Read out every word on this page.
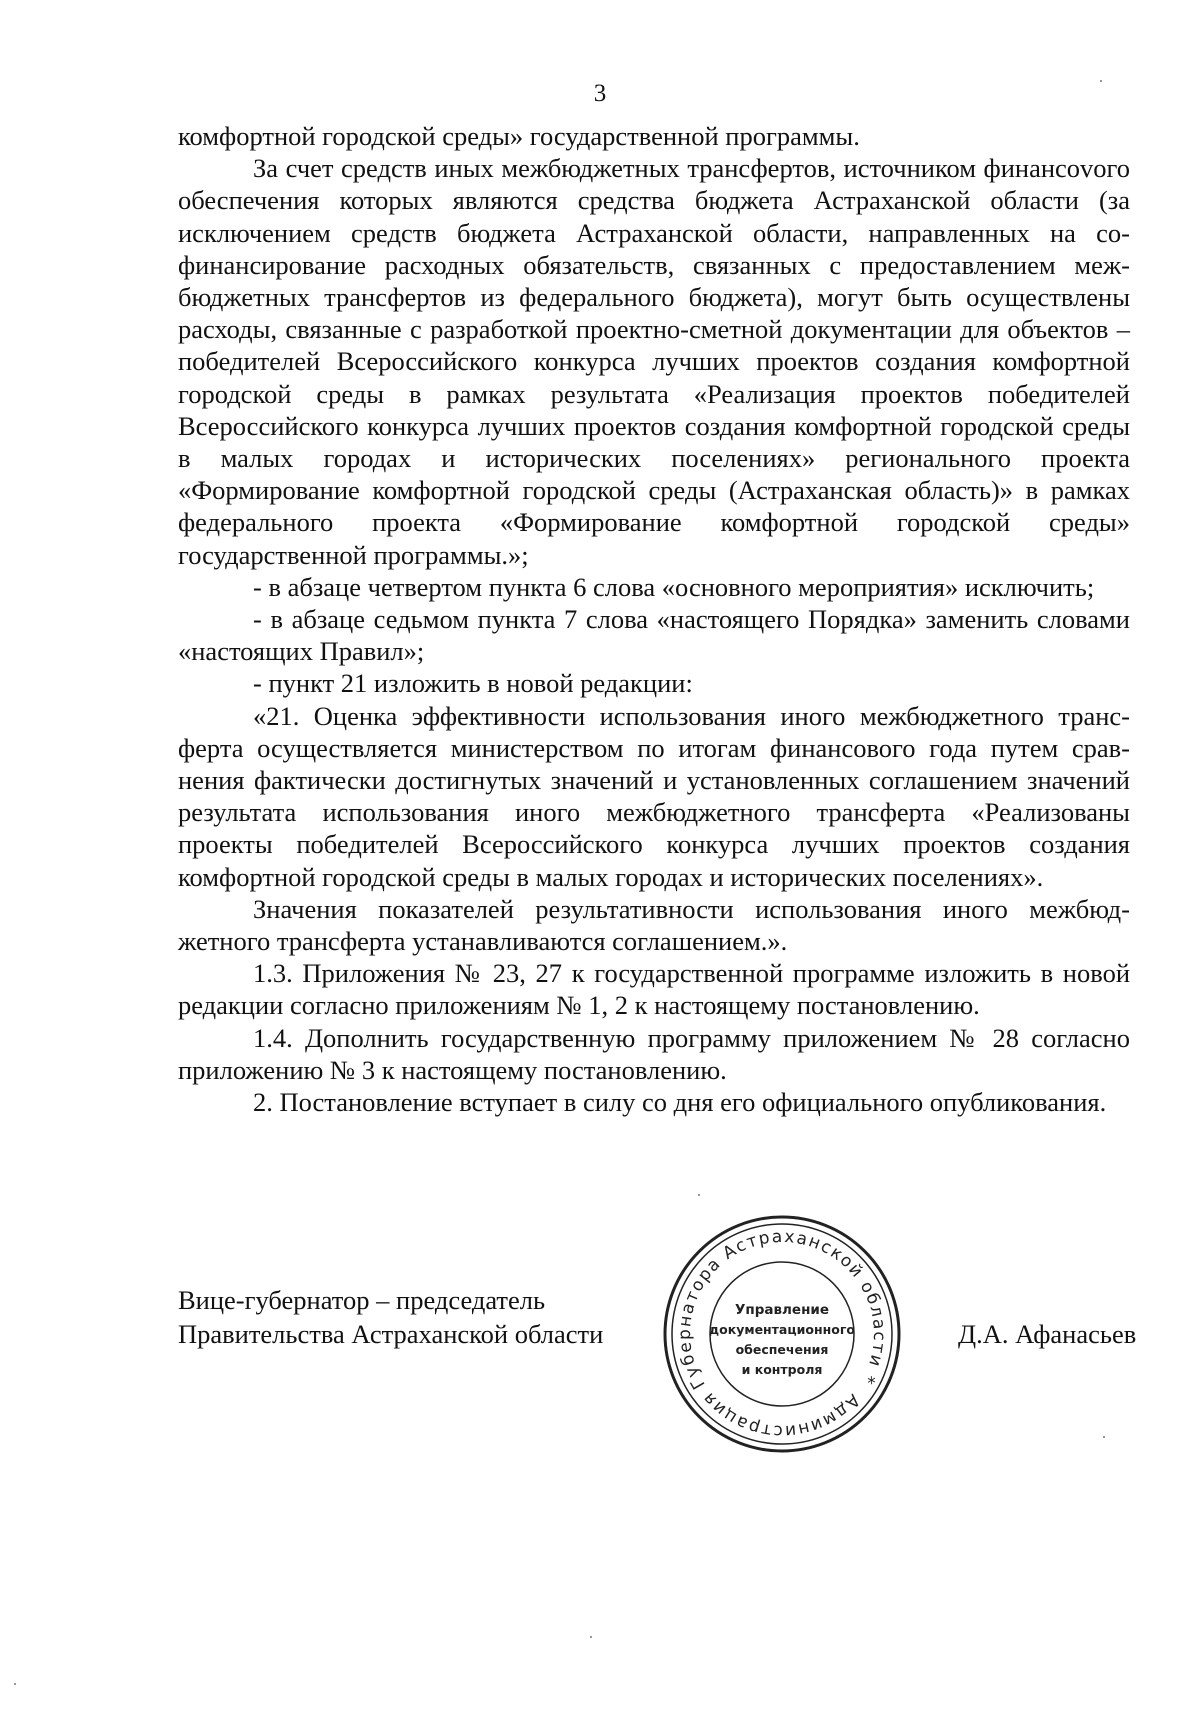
3

комфортной городской среды» государственной программы.

За счет средств иных межбюджетных трансфертов, источником финансоvого обеспечения которых являются средства бюджета Астраханской области (за исключением средств бюджета Астраханской области, направленных на софинансирование расходных обязательств, связанных с предоставлением межбюджетных трансфертов из федерального бюджета), могут быть осуществлены расходы, связанные с разработкой проектно-сметной документации для объектов – победителей Всероссийского конкурса лучших проектов создания комфортной городской среды в рамках результата «Реализация проектов победителей Всероссийского конкурса лучших проектов создания комфортной городской среды в малых городах и исторических поселениях» регионального проекта «Формирование комфортной городской среды (Астраханская область)» в рамках федерального проекта «Формирование комфортной городской среды» государственной программы.»;

- в абзаце четвертом пункта 6 слова «основного мероприятия» исключить;

- в абзаце седьмом пункта 7 слова «настоящего Порядка» заменить словами «настоящих Правил»;

- пункт 21 изложить в новой редакции:

«21. Оценка эффективности использования иного межбюджетного трансферта осуществляется министерством по итогам финансового года путем сравнения фактически достигнутых значений и установленных соглашением значений результата использования иного межбюджетного трансферта «Реализованы проекты победителей Всероссийского конкурса лучших проектов создания комфортной городской среды в малых городах и исторических поселениях».

Значения показателей результативности использования иного межбюджетного трансферта устанавливаются соглашением.».

1.3. Приложения № 23, 27 к государственной программе изложить в новой редакции согласно приложениям № 1, 2 к настоящему постановлению.

1.4. Дополнить государственную программу приложением № 28 согласно приложению № 3 к настоящему постановлению.

2. Постановление вступает в силу со дня его официального опубликования.

Вице-губернатор – председатель
Правительства Астраханской области
Администрация Губернатора Астраханской области *
Управление
документационного
обеспечения
и контроля
Д.А. Афанасьев
